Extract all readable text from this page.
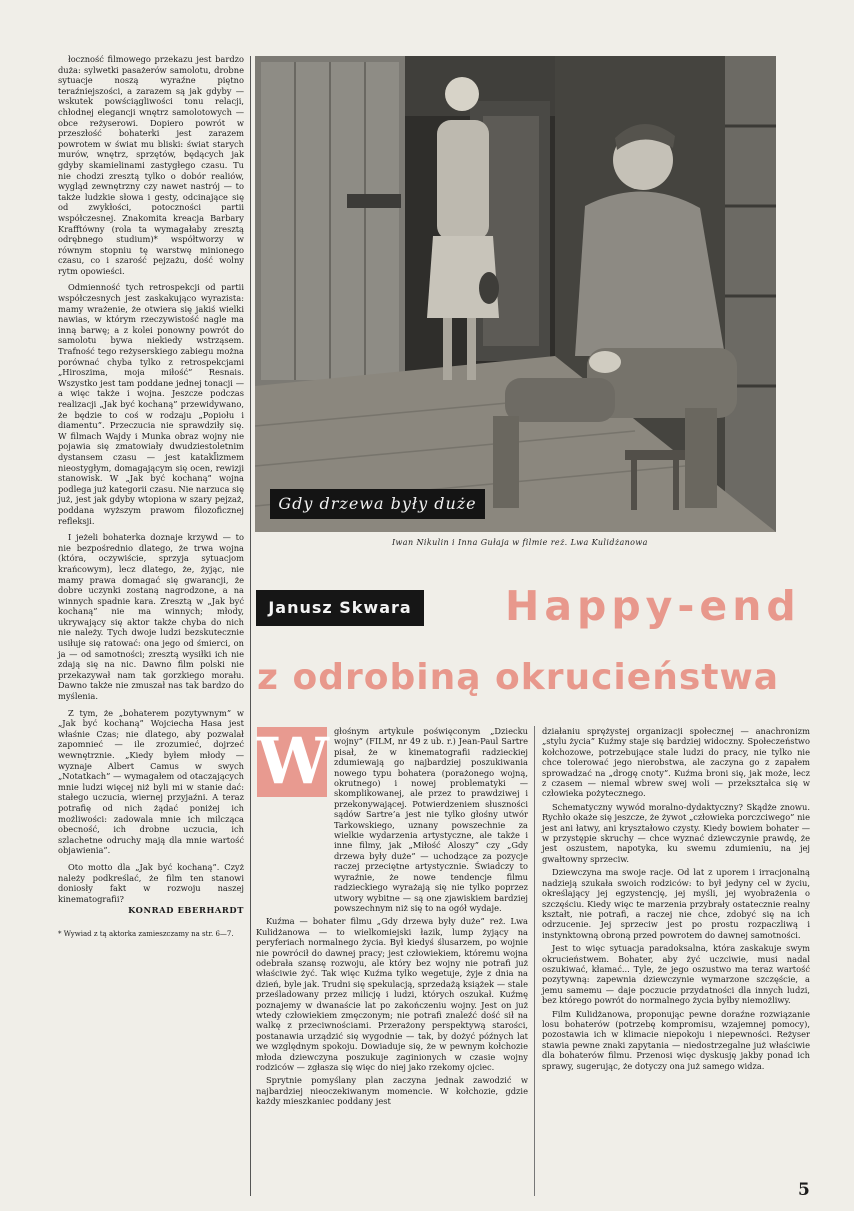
łoczność filmowego przekazu jest bardzo duża: sylwetki pasażerów samolotu, drobne sytuacje noszą wyraźne piętno teraźniejszości, a zarazem są jak gdyby — wskutek powściągliwości tonu relacji, chłodnej elegancji wnętrz samolotowych — obce reżyserowi. Dopiero powrót w przeszłość bohaterki jest zarazem powrotem w świat mu bliski: świat starych murów, wnętrz, sprzętów, będących jak gdyby skamielinami zastygłego czasu. Tu nie chodzi zresztą tylko o dobór realiów, wygląd zewnętrzny czy nawet nastrój — to także ludzkie słowa i gesty, odcinające się od zwykłości, potoczności partii współczesnej. Znakomita kreacja Barbary Krafftówny (rola ta wymagałaby zresztą odrębnego studium)* współtworzy w równym stopniu tę warstwę minionego czasu, co i szarość pejzażu, dość wolny rytm opowieści.

Odmienność tych retrospekcji od partii współczesnych jest zaskakująco wyrazista: mamy wrażenie, że otwiera się jakiś wielki nawias, w którym rzeczywistość nagle ma inną barwę; a z kolei ponowny powrót do samolotu bywa niekiedy wstrząsem. Trafność tego reżyserskiego zabiegu można porównać chyba tylko z retrospekcjami „Hiroszima, moja miłość” Resnais. Wszystko jest tam poddane jednej tonacji — a więc także i wojna. Jeszcze podczas realizacji „Jak być kochaną” przewidywano, że będzie to coś w rodzaju „Popiołu i diamentu”. Przeczucia nie sprawdziły się. W filmach Wajdy i Munka obraz wojny nie pojawia się zmatowiały dwudziestoletnim dystansem czasu — jest katakl̈izmem nieostygłym, domagającym się ocen, rewizji stanowisk. W „Jak być kochaną” wojna podlega już kategorii czasu. Nie narzuca się już, jest jak gdyby wtopiona w szary pejzaż, poddana wyższym prawom filozoficznej refleksji.

I jeżeli bohaterka doznaje krzywd — to nie bezpośrednio dlatego, że trwa wojna (która, oczywiście, sprzyja sytuacjom krańcowym), lecz dlatego, że, żyjąc, nie mamy prawa domagać się gwarancji, że dobre uczynki zostaną nagrodzone, a na winnych spadnie kara. Zresztą w „Jak być kochaną” nie ma winnych; młody, ukrywający się aktor także chyba do nich nie należy. Tych dwoje ludzi bezskutecznie usiłuje się ratować: ona jego od śmierci, on ja — od samotności; zresztą wysiłki ich nie zdają się na nic. Dawno film polski nie przekazywał nam tak gorzkiego morału. Dawno także nie zmuszał nas tak bardzo do myślenia.

Z tym, że „bohaterem pozytywnym” w „Jak być kochaną” Wojciecha Hasa jest właśnie Czas; nie dlatego, aby pozwalał zapomnieć — ile zrozumieć, dojrzeć wewnętrznie. „Kiedy byłem młody — wyznaje Albert Camus w swych „Notatkach” — wymagałem od otaczających mnie ludzi więcej niż byli mi w stanie dać: stałego uczucia, wiernej przyjaźni. A teraz potrafię od nich żądać poniżej ich możliwości: zadowala mnie ich milcząca obecność, ich drobne uczucia, ich szlachetne odruchy mają dla mnie wartość objawienia”.

Oto motto dla „Jak być kochaną”. Czyż należy podkreślać, że film ten stanowi doniosły fakt w rozwoju naszej kinematografii?

KONRAD EBERHARDT

* Wywiad z tą aktorka zamieszczamy na str. 6—7.

Gdy drzewa były duże
Iwan Nikulin i Inna Gułaja w filmie reż. Lwa Kulidżanowa
Janusz Skwara	Happy-end
z odrobiną okrucieństwa
W głośnym artykule poświęconym „Dziecku wojny” (FILM, nr 49 z ub. r.) Jean-Paul Sartre pisał, że w kinematografii radzieckiej zdumiewają go najbardziej poszukiwania nowego typu bohatera (porażonego wojną, okrutnego) i nowej problematyki — skomplikowanej, ale przez to prawdziwej i przekonywającej. Potwierdzeniem słuszności sądów Sartre’a jest nie tylko głośny utwór Tarkowskiego, uznany powszechnie za wielkie wydarzenia artystyczne, ale także i inne filmy, jak „Miłość Aloszy” czy „Gdy drzewa były duże” — uchodzące za pozycje raczej przeciętne artystycznie. Świadczy to wyraźnie, że nowe tendencje filmu radzieckiego wyrażają się nie tylko poprzez utwory wybitne — są one zjawiskiem bardziej powszechnym niż się to na ogół wydaje.

Kuźma — bohater filmu „Gdy drzewa były duże” reż. Lwa Kulidżanowa — to wielkomiejski łazik, lump żyjący na peryferiach normalnego życia. Był kiedyś ślusarzem, po wojnie nie powrócił do dawnej pracy; jest człowiekiem, któremu wojna odebrała szansę rozwoju, ale który bez wojny nie potrafi już właściwie żyć. Tak więc Kuźma tylko wegetuje, żyje z dnia na dzień, byle jak. Trudni się spekulacją, sprzedażą książek — stale prześladowany przez milicję i ludzi, których oszukał. Kuźmę poznajemy w dwanaście lat po zakończeniu wojny. Jest on już wtedy człowiekiem zmęczonym; nie potrafi znaleźć dość sił na walkę z przeciwnościami. Przerażony perspektywą starości, postanawia urządzić się wygodnie — tak, by dożyć późnych lat we względnym spokoju. Dowiaduje się, że w pewnym kołchozie młoda dziewczyna poszukuje zaginionych w czasie wojny rodziców — zgłasza się więc do niej jako rzekomy ojciec.

Sprytnie pomyślany plan zaczyna jednak zawodzić w najbardziej nieoczekiwanym momencie. W kołchozie, gdzie każdy mieszkaniec poddany jest

działaniu sprężystej organizacji społecznej — anachronizm „stylu życia” Kuźmy staje się bardziej widoczny. Społeczeństwo kołchozowe, potrzebujące stale ludzi do pracy, nie tylko nie chce tolerować jego nierobstwa, ale zaczyna go z zapałem sprowadzać na „drogę cnoty”. Kuźma broni się, jak może, lecz z czasem — niemal wbrew swej woli — przekształca się w człowieka pożytecznego.

Schematyczny wywód moralno-dydaktyczny? Skądże znowu. Rychło okaże się jeszcze, że żywot „człowieka porczciwego” nie jest ani łatwy, ani kryształowo czysty. Kiedy bowiem bohater — w przystępie skruchy — chce wyznać dziewczynie prawdę, że jest oszustem, napotyka, ku swemu zdumieniu, na jej gwałtowny sprzeciw.

Dziewczyna ma swoje racje. Od lat z uporem i irracjonalną nadzieją szukała swoich rodziców: to był jedyny cel w życiu, określający jej egzystencję, jej myśli, jej wyobrażenia o szczęściu. Kiedy więc te marzenia przybrały ostatecznie realny kształt, nie potrafi, a raczej nie chce, zdobyć się na ich odrzucenie. Jej sprzeciw jest po prostu rozpaczliwą i instynktowną obroną przed powrotem do dawnej samotności.

Jest to więc sytuacja paradoksalna, która zaskakuje swym okrucieństwem. Bohater, aby żyć uczciwie, musi nadal oszukiwać, kłamać... Tyle, że jego oszustwo ma teraz wartość pozytywną: zapewnia dziewczynie wymarzone szczęście, a jemu samemu — daje poczucie przydatności dla innych ludzi, bez którego powrót do normalnego życia byłby niemożliwy.

Film Kulidżanowa, proponując pewne doraźne rozwiązanie losu bohaterów (potrzebę kompromisu, wzajemnej pomocy), pozostawia ich w klimacie niepokoju i niepewności. Reżyser stawia pewne znaki zapytania — niedostrzegalne już właściwie dla bohaterów filmu. Przenosi więc dyskusję jakby ponad ich sprawy, sugerując, że dotyczy ona już samego widza.

5
